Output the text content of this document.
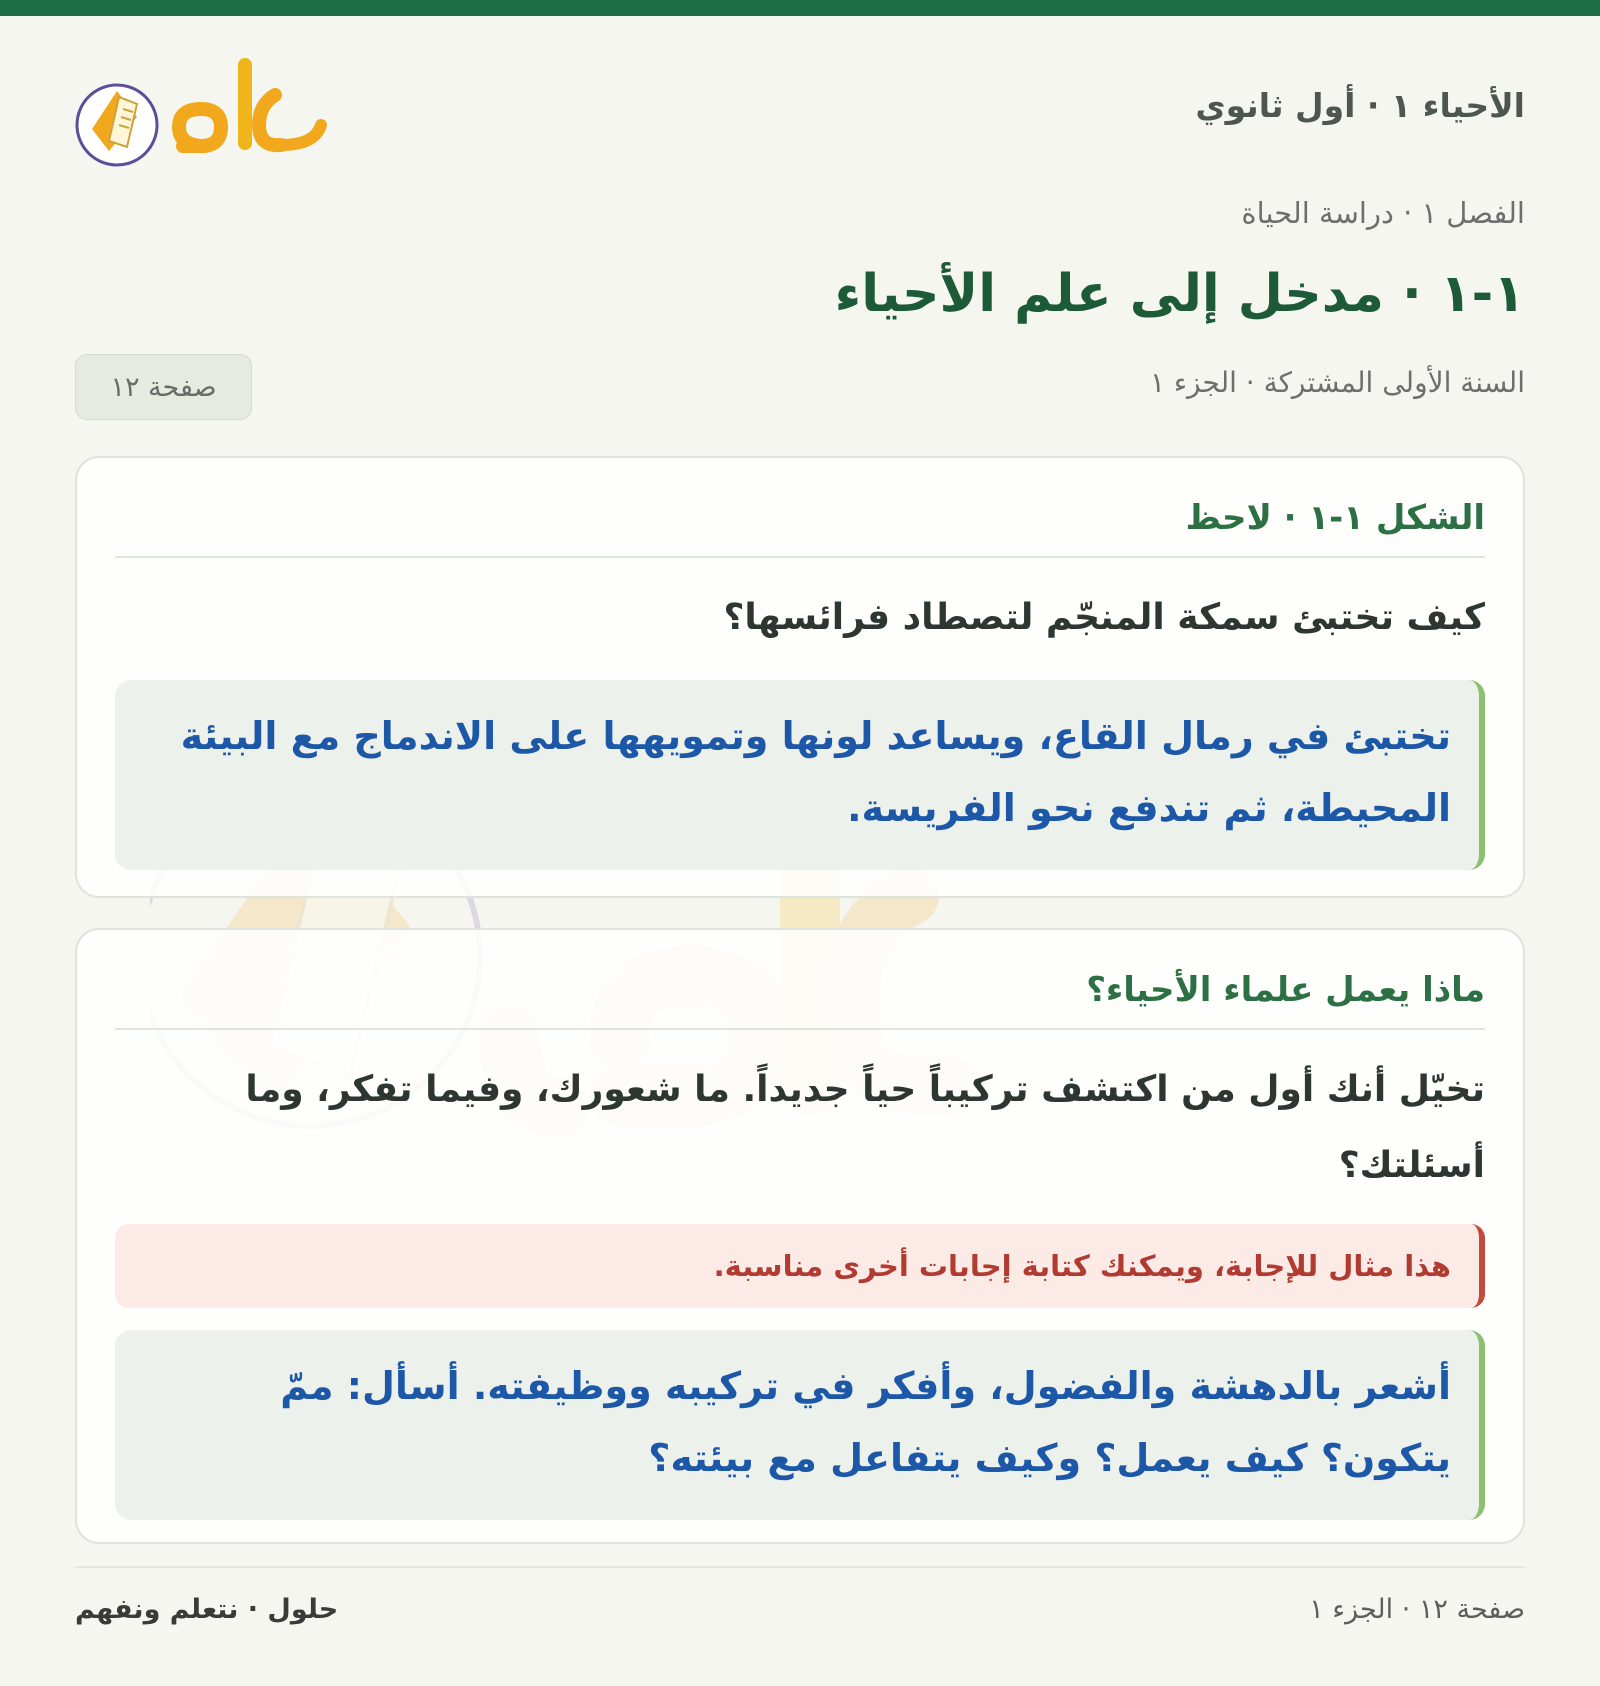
الأحياء ١ · أول ثانوي
الفصل ١ · دراسة الحياة
١-١ · مدخل إلى علم الأحياء
السنة الأولى المشتركة · الجزء ١
صفحة ١٢
الشكل ١-١ · لاحظ
كيف تختبئ سمكة المنجّم لتصطاد فرائسها؟
تختبئ في رمال القاع، ويساعد لونها وتمويهها على الاندماج مع البيئة المحيطة، ثم تندفع نحو الفريسة.
ماذا يعمل علماء الأحياء؟
تخيّل أنك أول من اكتشف تركيباً حياً جديداً. ما شعورك، وفيما تفكر، وما أسئلتك؟
هذا مثال للإجابة، ويمكنك كتابة إجابات أخرى مناسبة.
أشعر بالدهشة والفضول، وأفكر في تركيبه ووظيفته. أسأل: ممّ يتكون؟ كيف يعمل؟ وكيف يتفاعل مع بيئته؟
صفحة ١٢ · الجزء ١
حلول · نتعلم ونفهم
